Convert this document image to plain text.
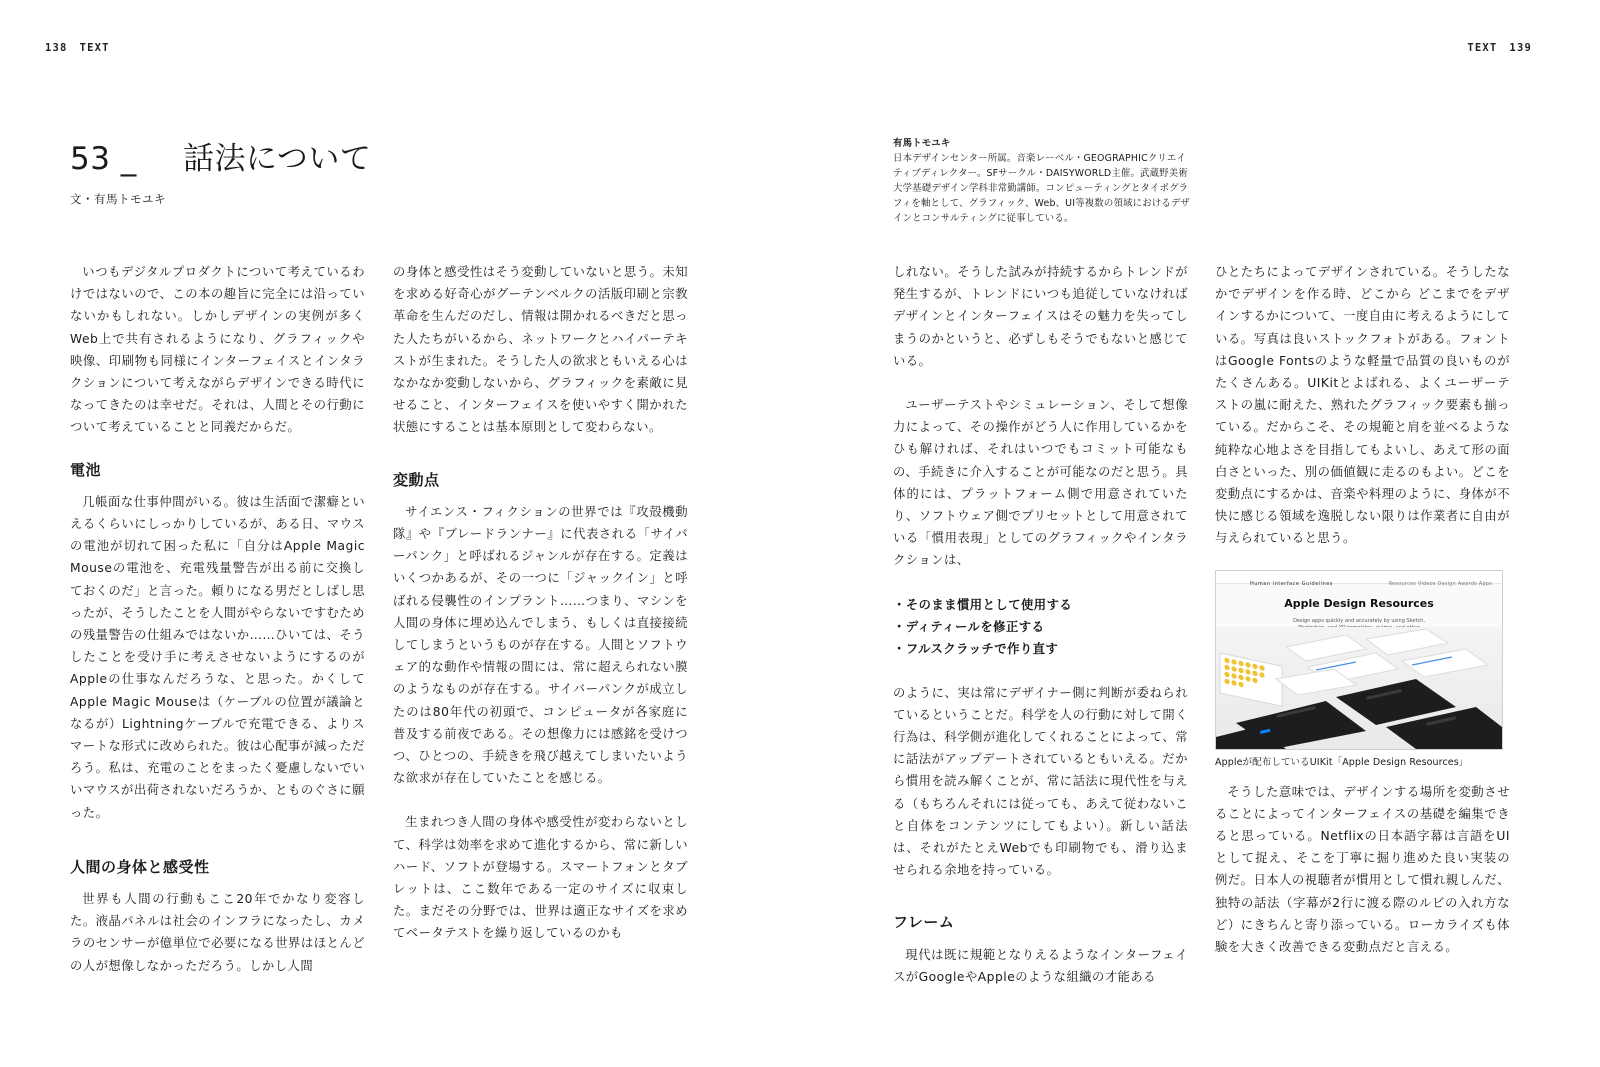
138 TEXT	TEXT 139
53 _ 話法について
文・有馬トモユキ
有馬トモユキ
日本デザインセンター所属。音楽レーベル・GEOGRAPHICクリエイティブディレクター。SFサークル・DAISYWORLD主催。武蔵野美術大学基礎デザイン学科非常勤講師。コンピューティングとタイポグラフィを軸として、グラフィック、Web、UI等複数の領域におけるデザインとコンサルティングに従事している。

いつもデジタルプロダクトについて考えているわけではないので、この本の趣旨に完全には沿っていないかもしれない。しかしデザインの実例が多くWeb上で共有されるようになり、グラフィックや映像、印刷物も同様にインターフェイスとインタラクションについて考えながらデザインできる時代になってきたのは幸せだ。それは、人間とその行動について考えていることと同義だからだ。

電池

几帳面な仕事仲間がいる。彼は生活面で潔癖といえるくらいにしっかりしているが、ある日、マウスの電池が切れて困った私に「自分はApple Magic Mouseの電池を、充電残量警告が出る前に交換しておくのだ」と言った。頼りになる男だとしばし思ったが、そうしたことを人間がやらないですむための残量警告の仕組みではないか……ひいては、そうしたことを受け手に考えさせないようにするのがAppleの仕事なんだろうな、と思った。かくしてApple Magic Mouseは（ケーブルの位置が議論となるが）Lightningケーブルで充電できる、よりスマートな形式に改められた。彼は心配事が減っただろう。私は、充電のことをまったく憂慮しないでいいマウスが出荷されないだろうか、とものぐさに願った。

人間の身体と感受性

世界も人間の行動もここ20年でかなり変容した。液晶パネルは社会のインフラになったし、カメラのセンサーが億単位で必要になる世界はほとんどの人が想像しなかっただろう。しかし人間

の身体と感受性はそう変動していないと思う。未知を求める好奇心がグーテンベルクの活版印刷と宗教革命を生んだのだし、情報は開かれるべきだと思った人たちがいるから、ネットワークとハイパーテキストが生まれた。そうした人の欲求ともいえる心はなかなか変動しないから、グラフィックを素敵に見せること、インターフェイスを使いやすく開かれた状態にすることは基本原則として変わらない。

変動点

サイエンス・フィクションの世界では『攻殻機動隊』や『ブレードランナー』に代表される「サイバーパンク」と呼ばれるジャンルが存在する。定義はいくつかあるが、その一つに「ジャックイン」と呼ばれる侵襲性のインプラント……つまり、マシンを人間の身体に埋め込んでしまう、もしくは直接接続してしまうというものが存在する。人間とソフトウェア的な動作や情報の間には、常に超えられない膜のようなものが存在する。サイバーパンクが成立したのは80年代の初頭で、コンピュータが各家庭に普及する前夜である。その想像力には感銘を受けつつ、ひとつの、手続きを飛び越えてしまいたいような欲求が存在していたことを感じる。

生まれつき人間の身体や感受性が変わらないとして、科学は効率を求めて進化するから、常に新しいハード、ソフトが登場する。スマートフォンとタブレットは、ここ数年である一定のサイズに収束した。まだその分野では、世界は適正なサイズを求めてベータテストを繰り返しているのかも

しれない。そうした試みが持続するからトレンドが発生するが、トレンドにいつも追従していなければデザインとインターフェイスはその魅力を失ってしまうのかというと、必ずしもそうでもないと感じている。

ユーザーテストやシミュレーション、そして想像力によって、その操作がどう人に作用しているかをひも解ければ、それはいつでもコミット可能なもの、手続きに介入することが可能なのだと思う。具体的には、プラットフォーム側で用意されていたり、ソフトウェア側でプリセットとして用意されている「慣用表現」としてのグラフィックやインタラクションは、

・ そのまま慣用として使用する
・ ディティールを修正する
・ フルスクラッチで作り直す

のように、実は常にデザイナー側に判断が委ねられているということだ。科学を人の行動に対して開く行為は、科学側が進化してくれることによって、常に話法がアップデートされているともいえる。だから慣用を読み解くことが、常に話法に現代性を与える（もちろんそれには従っても、あえて従わないこと自体をコンテンツにしてもよい）。新しい話法は、それがたとえWebでも印刷物でも、滑り込ませられる余地を持っている。

フレーム

現代は既に規範となりえるようなインターフェイスがGoogleやAppleのような組織の才能ある

ひとたちによってデザインされている。そうしたなかでデザインを作る時、どこから どこまでをデザインするかについて、一度自由に考えるようにしている。写真は良いストックフォトがある。フォントはGoogle Fontsのような軽量で品質の良いものがたくさんある。UIKitとよばれる、よくユーザーテストの嵐に耐えた、熟れたグラフィック要素も揃っている。だからこそ、その規範と肩を並べるような純粋な心地よさを目指してもよいし、あえて形の面白さといった、別の価値観に走るのもよい。どこを変動点にするかは、音楽や料理のように、身体が不快に感じる領域を逸脱しない限りは作業者に自由が与えられていると思う。

Human Interface Guidelines	Resources Videos Design Awards Apps
Apple Design Resources
Design apps quickly and accurately by using Sketch,
Appleが配布しているUIKit「Apple Design Resources」

そうした意味では、デザインする場所を変動させることによってインターフェイスの基礎を編集できると思っている。Netflixの日本語字幕は言語をUIとして捉え、そこを丁寧に掘り進めた良い実装の例だ。日本人の視聴者が慣用として慣れ親しんだ、独特の話法（字幕が2行に渡る際のルビの入れ方など）にきちんと寄り添っている。ローカライズも体験を大きく改善できる変動点だと言える。
